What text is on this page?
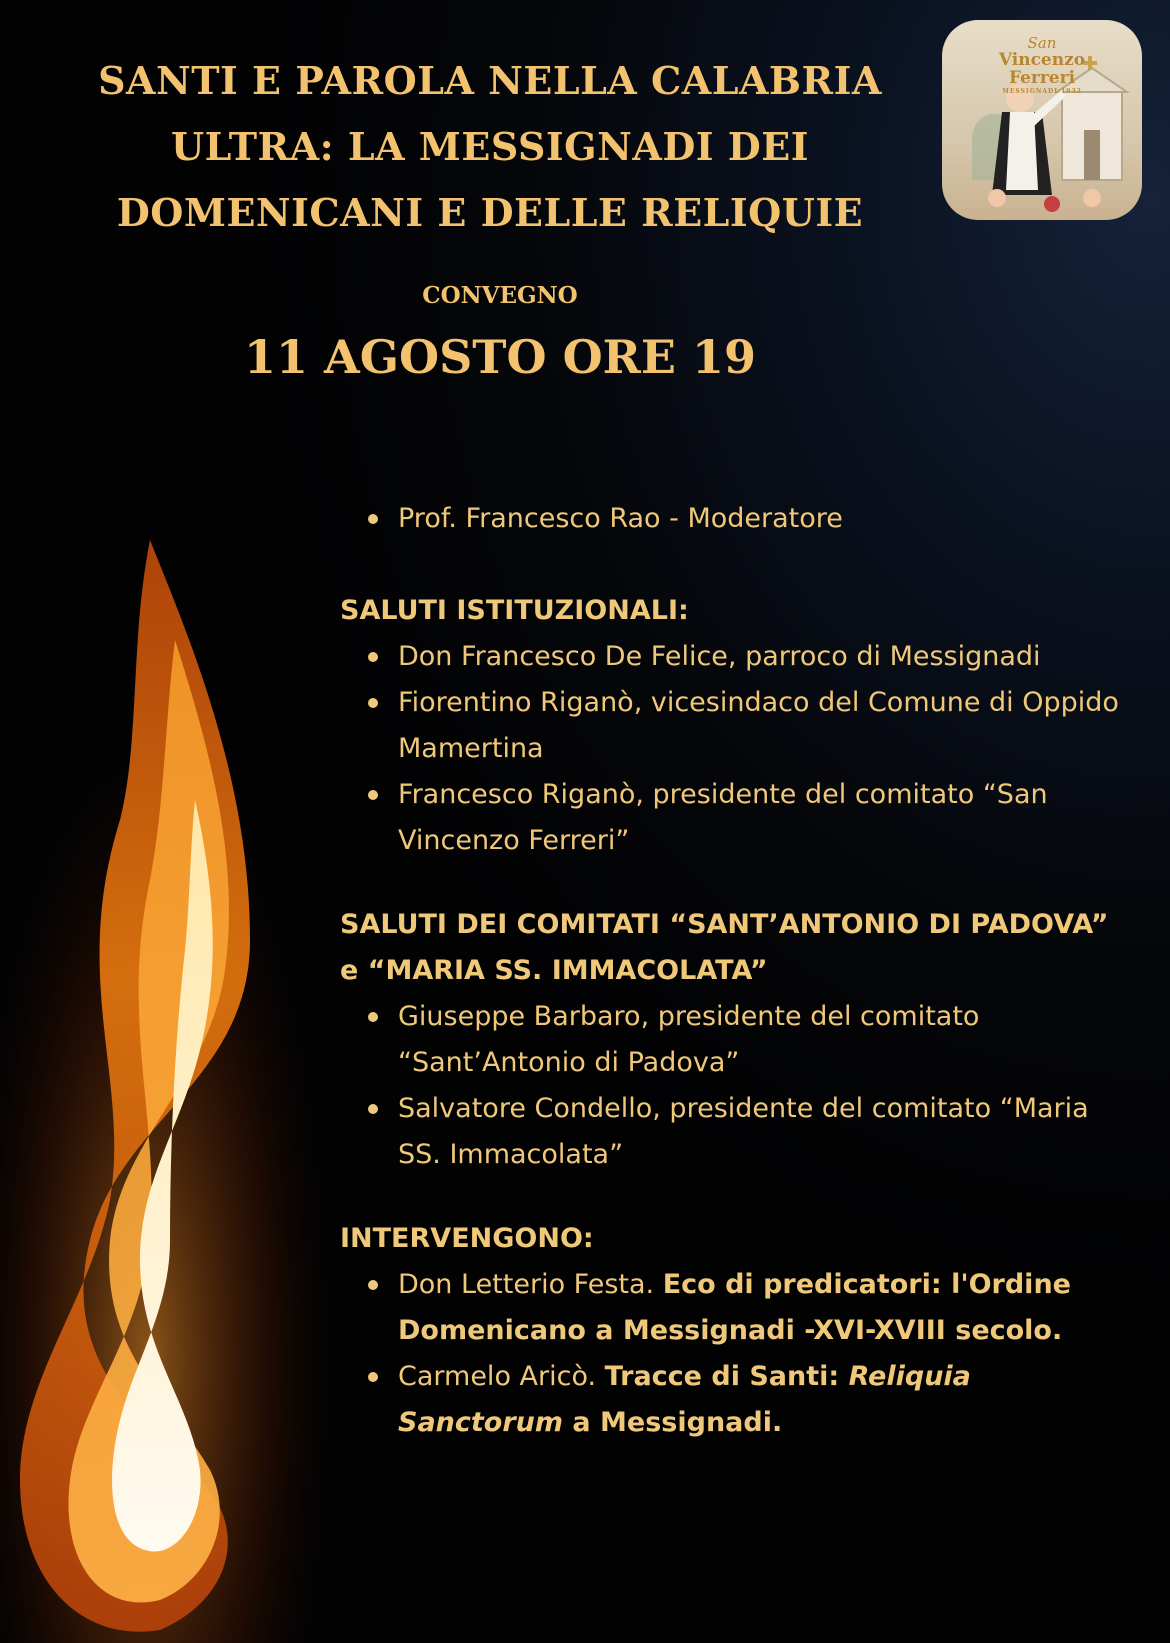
SANTI E PAROLA NELLA CALABRIA ULTRA: LA MESSIGNADI DEI DOMENICANI E DELLE RELIQUIE
CONVEGNO
11 AGOSTO ORE 19
San
Vincenzo
Ferreri
MESSIGNADI 1932
Prof. Francesco Rao - Moderatore

SALUTI ISTITUZIONALI:

Don Francesco De Felice, parroco di Messignadi
Fiorentino Riganò, vicesindaco del Comune di Oppido Mamertina
Francesco Riganò, presidente del comitato “San Vincenzo Ferreri”

SALUTI DEI COMITATI “SANT’ANTONIO DI PADOVA” e “MARIA SS. IMMACOLATA”

Giuseppe Barbaro, presidente del comitato “Sant’Antonio di Padova”
Salvatore Condello, presidente del comitato “Maria SS. Immacolata”

INTERVENGONO:

Don Letterio Festa. Eco di predicatori: l'Ordine Domenicano a Messignadi -XVI-XVIII secolo.
Carmelo Aricò. Tracce di Santi: Reliquia Sanctorum a Messignadi.
